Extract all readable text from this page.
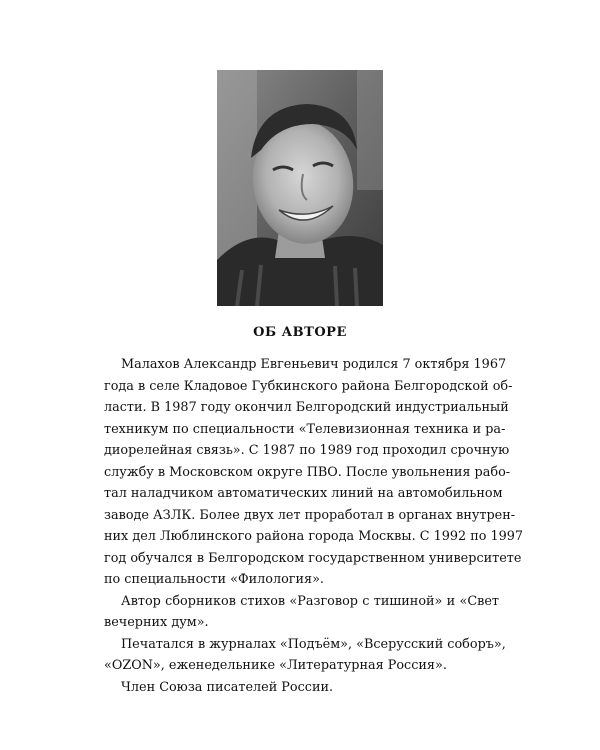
ОБ АВТОРЕ
Малахов Александр Евгеньевич родился 7 октября 1967
года в селе Кладовое Губкинского района Белгородской об-
ласти. В 1987 году окончил Белгородский индустриальный
техникум по специальности «Телевизионная техника и ра-
диорелейная связь». С 1987 по 1989 год проходил срочную
службу в Московском округе ПВО. После увольнения рабо-
тал наладчиком автоматических линий на автомобильном
заводе АЗЛК. Более двух лет проработал в органах внутрен-
них дел Люблинского района города Москвы. С 1992 по 1997
год обучался в Белгородском государственном университете
по специальности «Филология».
Автор сборников стихов «Разговор с тишиной» и «Свет
вечерних дум».
Печатался в журналах «Подъём», «Всерусский соборъ»,
«OZON», еженедельнике «Литературная Россия».
Член Союза писателей России.
